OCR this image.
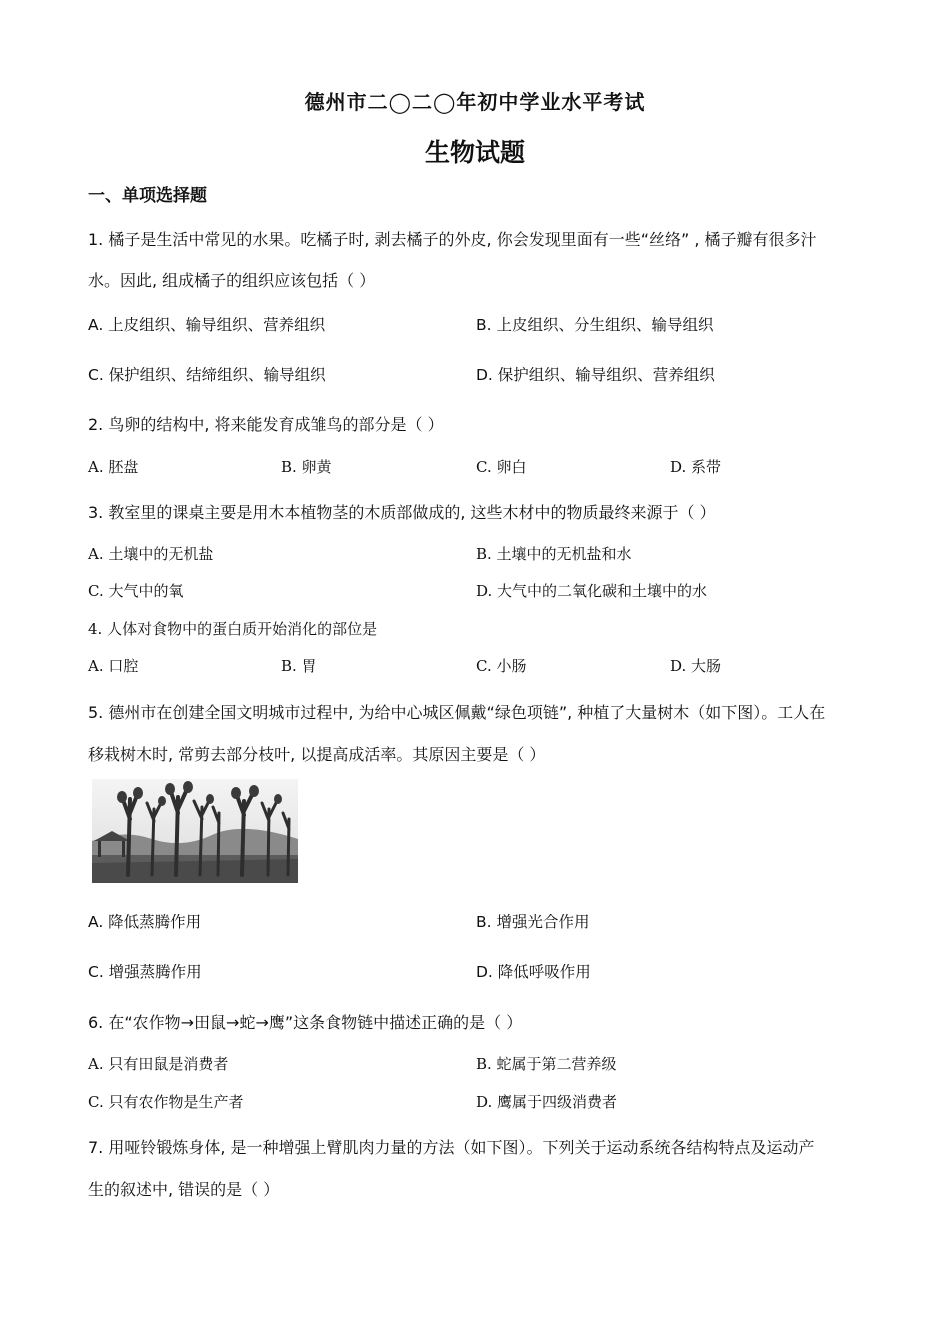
德州市二◯二◯年初中学业水平考试
生物试题
一、单项选择题
1. 橘子是生活中常见的水果。吃橘子时, 剥去橘子的外皮, 你会发现里面有一些“丝络” , 橘子瓣有很多汁
水。因此, 组成橘子的组织应该包括（ ）
A. 上皮组织、输导组织、营养组织	B. 上皮组织、分生组织、输导组织
C. 保护组织、结缔组织、输导组织	D. 保护组织、输导组织、营养组织
2. 鸟卵的结构中, 将来能发育成雏鸟的部分是（ ）
A. 胚盘	B. 卵黄	C. 卵白	D. 系带
3. 教室里的课桌主要是用木本植物茎的木质部做成的, 这些木材中的物质最终来源于（ ）
A. 土壤中的无机盐	B. 土壤中的无机盐和水
C. 大气中的氧	D. 大气中的二氧化碳和土壤中的水
4. 人体对食物中的蛋白质开始消化的部位是
A. 口腔	B. 胃	C. 小肠	D. 大肠
5. 德州市在创建全国文明城市过程中, 为给中心城区佩戴“绿色项链”, 种植了大量树木（如下图）。工人在
移栽树木时, 常剪去部分枝叶, 以提高成活率。其原因主要是（ ）
A. 降低蒸腾作用	B. 增强光合作用
C. 增强蒸腾作用	D. 降低呼吸作用
6. 在“农作物→田鼠→蛇→鹰”这条食物链中描述正确的是（ ）
A. 只有田鼠是消费者	B. 蛇属于第二营养级
C. 只有农作物是生产者	D. 鹰属于四级消费者
7. 用哑铃锻炼身体, 是一种增强上臂肌肉力量的方法（如下图）。下列关于运动系统各结构特点及运动产
生的叙述中, 错误的是（ ）
